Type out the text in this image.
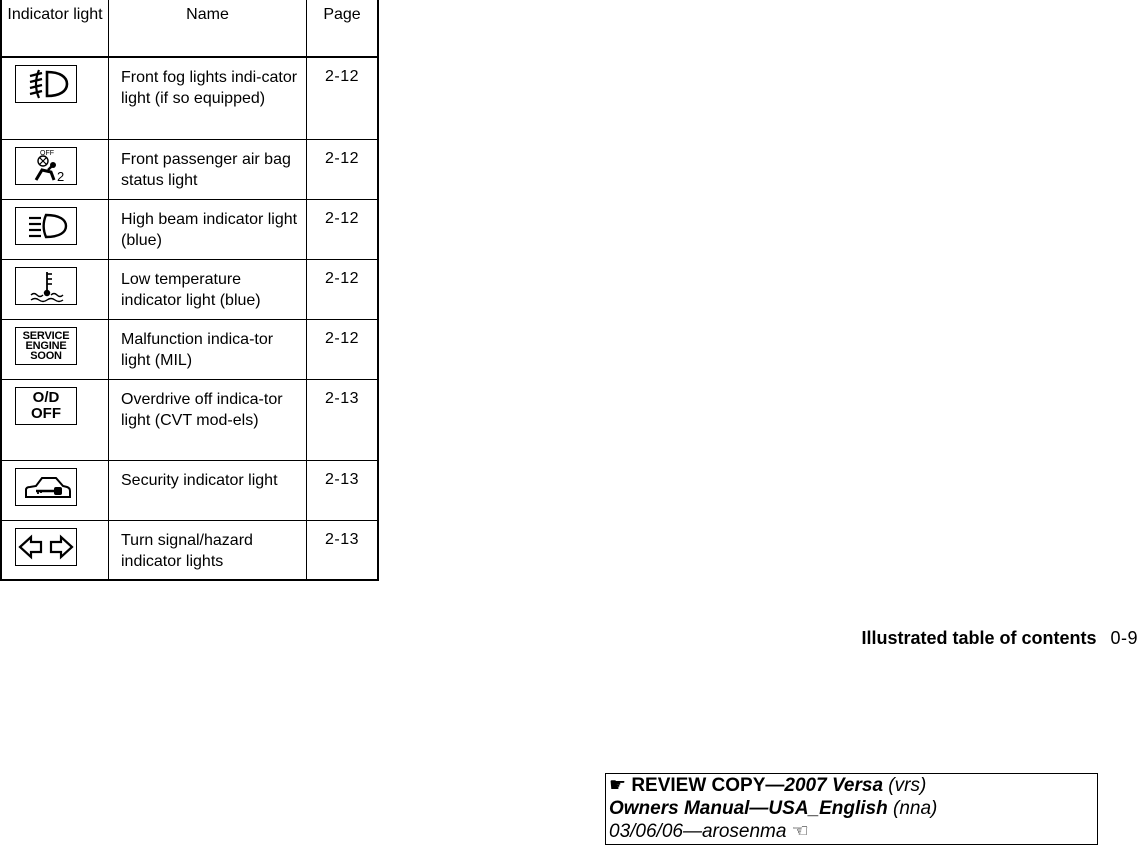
Indicator light	Name	Page

	Front fog lights indi-cator light (if so equipped)	2-12

OFF
2	Front passenger air bag status light	2-12

	High beam indicator light (blue)	2-12

	Low temperature indicator light (blue)	2-12

SERVICE
ENGINE
SOON	Malfunction indica-tor light (MIL)	2-12

O/D
OFF	Overdrive off indica-tor light (CVT mod-els)	2-13

	Security indicator light	2-13

	Turn signal/hazard indicator lights	2-13
Illustrated table of contents 0-9
☛ REVIEW COPY—2007 Versa (vrs)
Owners Manual—USA_English (nna)
03/06/06—arosenma ☜
